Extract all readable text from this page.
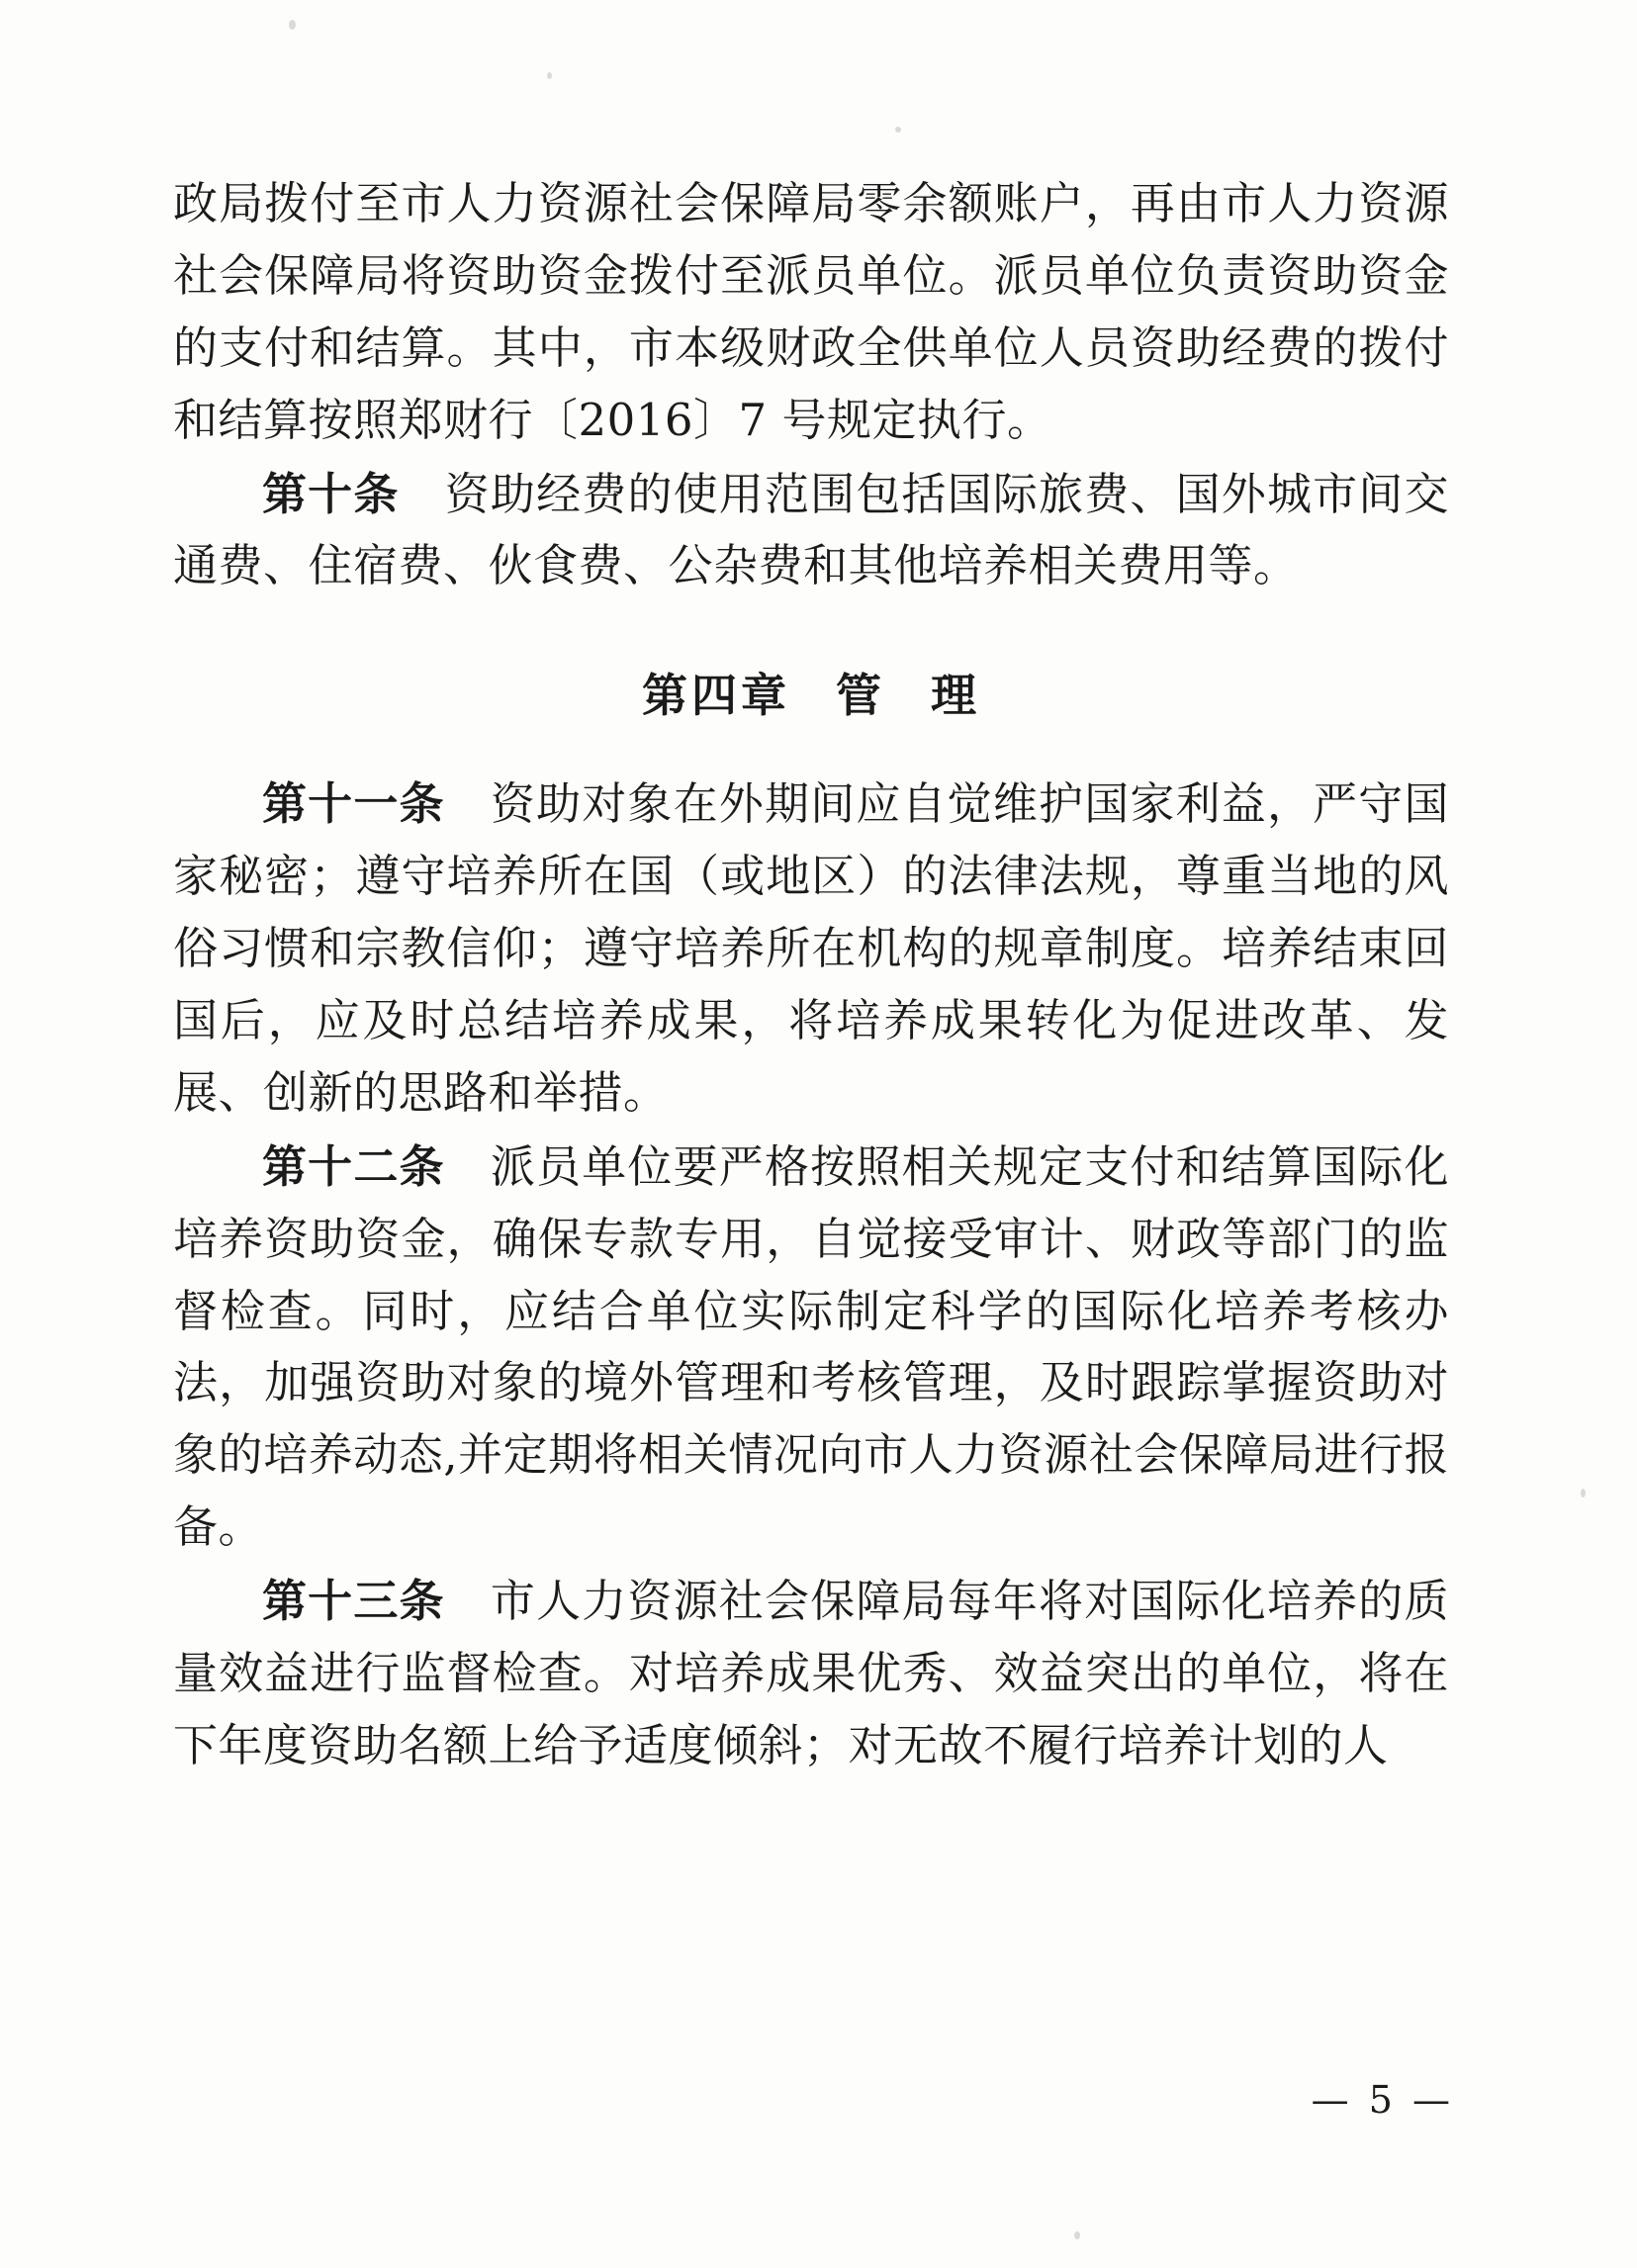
政局拨付至市人力资源社会保障局零余额账户，再由市人力资源社会保障局将资助资金拨付至派员单位。派员单位负责资助资金的支付和结算。其中，市本级财政全供单位人员资助经费的拨付和结算按照郑财行〔2016〕7 号规定执行。

第十条　资助经费的使用范围包括国际旅费、国外城市间交通费、住宿费、伙食费、公杂费和其他培养相关费用等。

第四章 管 理

第十一条　资助对象在外期间应自觉维护国家利益，严守国家秘密；遵守培养所在国（或地区）的法律法规，尊重当地的风俗习惯和宗教信仰；遵守培养所在机构的规章制度。培养结束回国后，应及时总结培养成果，将培养成果转化为促进改革、发展、创新的思路和举措。

第十二条　派员单位要严格按照相关规定支付和结算国际化培养资助资金，确保专款专用，自觉接受审计、财政等部门的监督检查。同时，应结合单位实际制定科学的国际化培养考核办法，加强资助对象的境外管理和考核管理，及时跟踪掌握资助对象的培养动态,并定期将相关情况向市人力资源社会保障局进行报备。

第十三条　市人力资源社会保障局每年将对国际化培养的质量效益进行监督检查。对培养成果优秀、效益突出的单位，将在下年度资助名额上给予适度倾斜；对无故不履行培养计划的人

— 5 —
